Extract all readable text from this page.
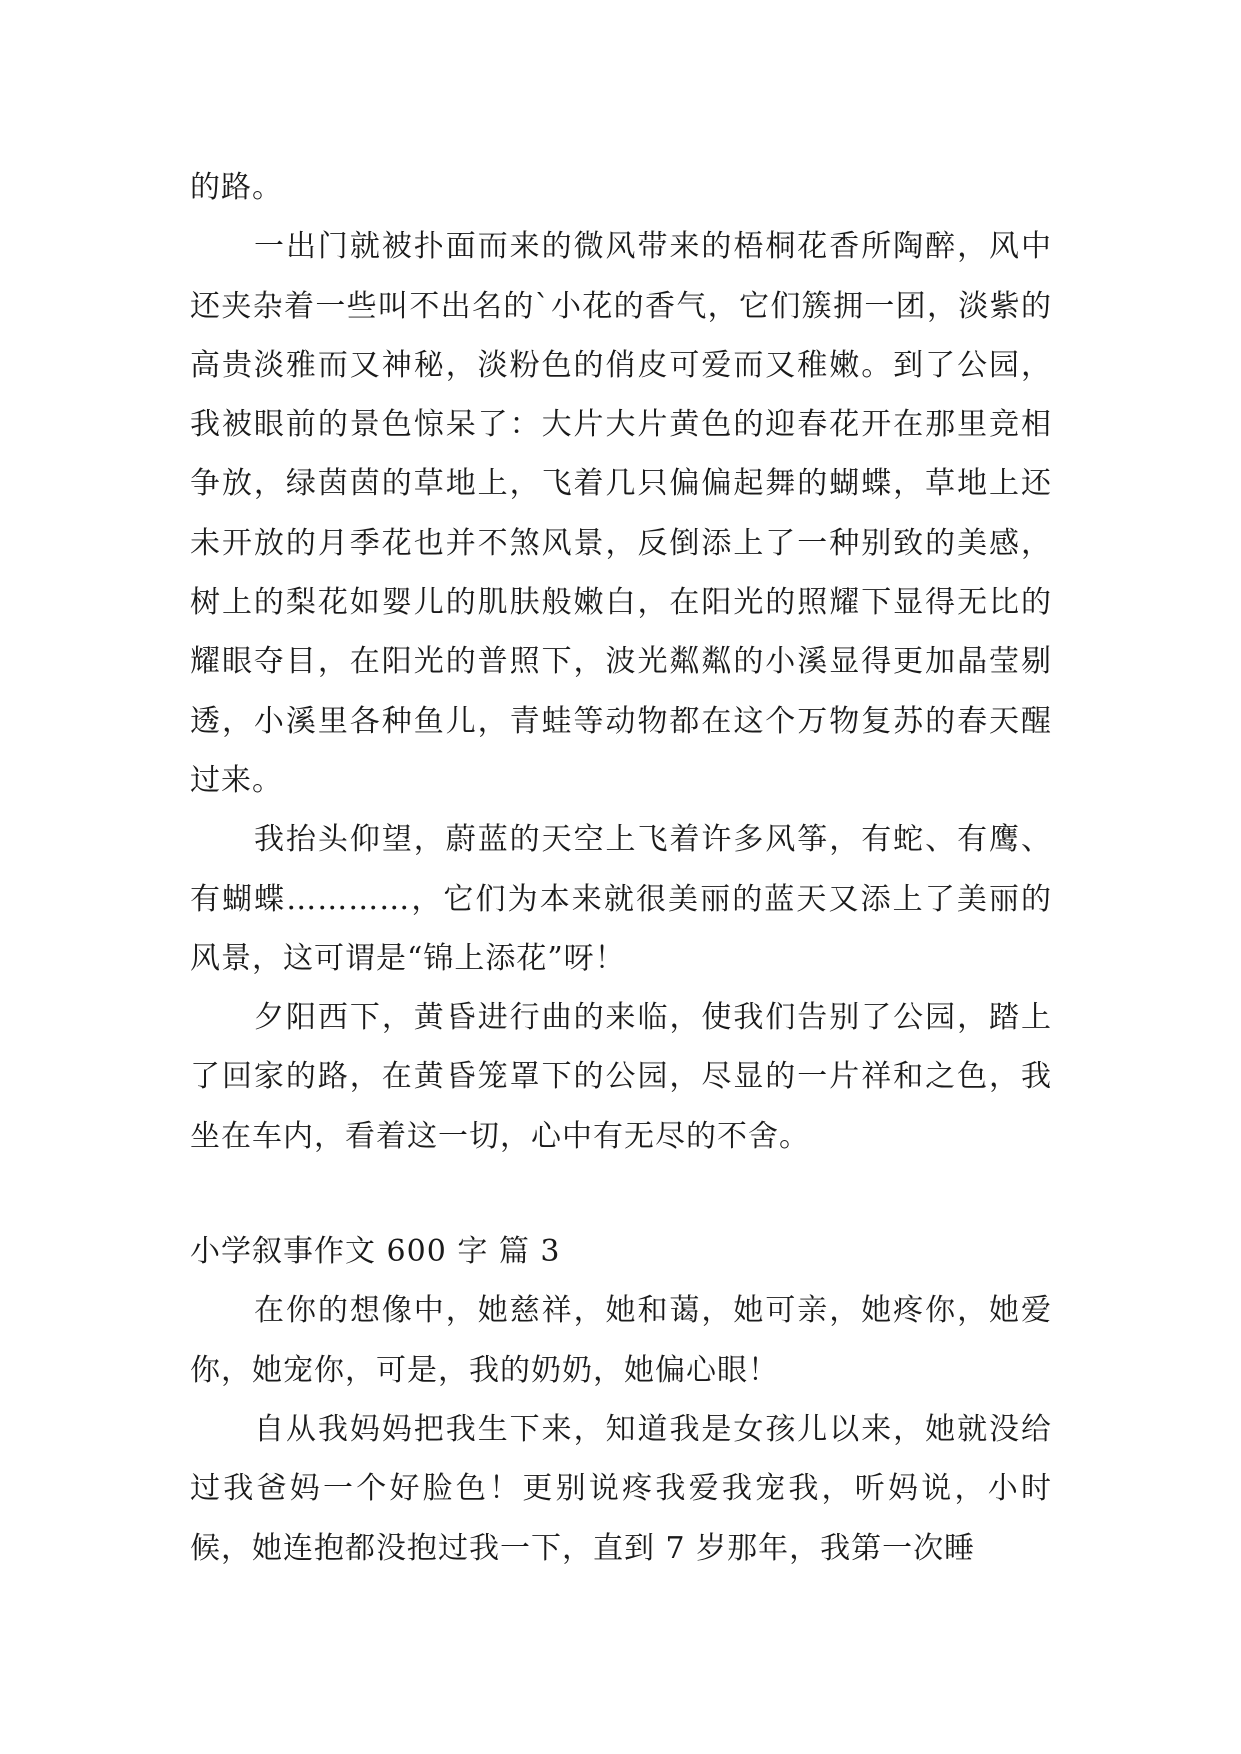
的路。

一出门就被扑面而来的微风带来的梧桐花香所陶醉，风中还夹杂着一些叫不出名的`小花的香气，它们簇拥一团，淡紫的高贵淡雅而又神秘，淡粉色的俏皮可爱而又稚嫩。到了公园，我被眼前的景色惊呆了：大片大片黄色的迎春花开在那里竞相争放，绿茵茵的草地上，飞着几只偏偏起舞的蝴蝶，草地上还未开放的月季花也并不煞风景，反倒添上了一种别致的美感，树上的梨花如婴儿的肌肤般嫩白，在阳光的照耀下显得无比的耀眼夺目，在阳光的普照下，波光粼粼的小溪显得更加晶莹剔透，小溪里各种鱼儿，青蛙等动物都在这个万物复苏的春天醒过来。

我抬头仰望，蔚蓝的天空上飞着许多风筝，有蛇、有鹰、有蝴蝶…………，它们为本来就很美丽的蓝天又添上了美丽的风景，这可谓是“锦上添花”呀！

夕阳西下，黄昏进行曲的来临，使我们告别了公园，踏上了回家的路，在黄昏笼罩下的公园，尽显的一片祥和之色，我坐在车内，看着这一切，心中有无尽的不舍。

小学叙事作文 600 字 篇 3

在你的想像中，她慈祥，她和蔼，她可亲，她疼你，她爱你，她宠你，可是，我的奶奶，她偏心眼！

自从我妈妈把我生下来，知道我是女孩儿以来，她就没给过我爸妈一个好脸色！更别说疼我爱我宠我，听妈说，小时候，她连抱都没抱过我一下，直到 7 岁那年，我第一次睡
